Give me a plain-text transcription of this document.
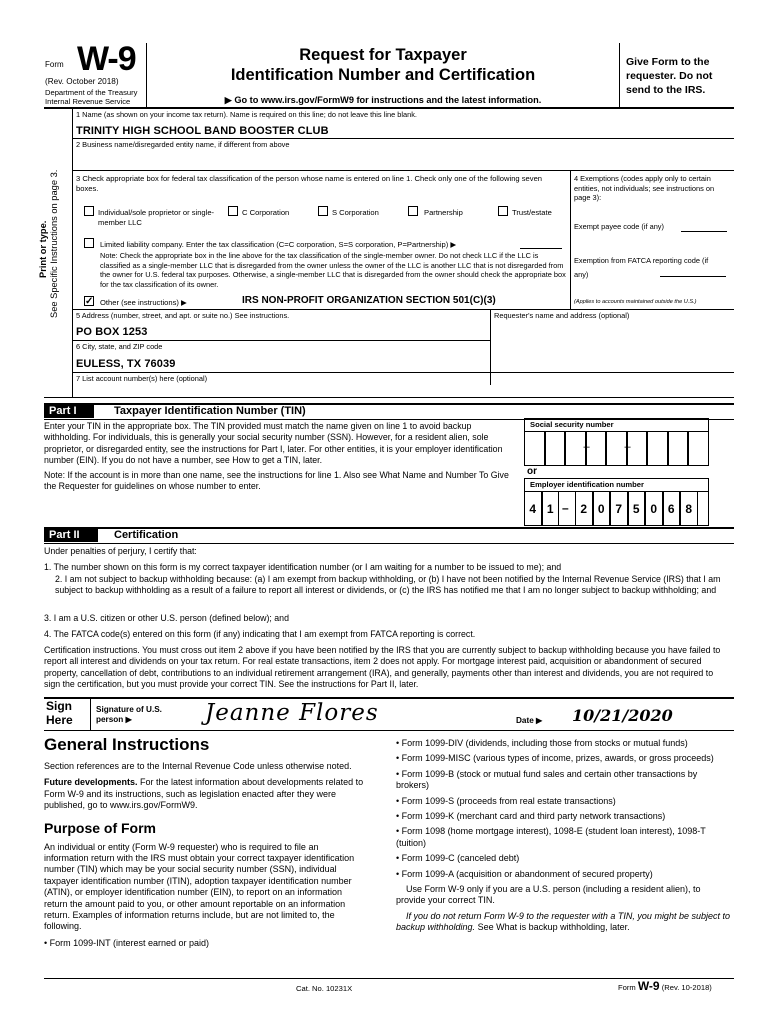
Form W-9
(Rev. October 2018)
Department of the Treasury
Internal Revenue Service
Request for Taxpayer
Identification Number and Certification
▶ Go to www.irs.gov/FormW9 for instructions and the latest information.
Give Form to the requester. Do not send to the IRS.
Print or type. See Specific Instructions on page 3.
1 Name (as shown on your income tax return). Name is required on this line; do not leave this line blank.
TRINITY HIGH SCHOOL BAND BOOSTER CLUB
2 Business name/disregarded entity name, if different from above
3 Check appropriate box for federal tax classification of the person whose name is entered on line 1. Check only one of the following seven boxes.
Individual/sole proprietor or single-member LLC
C Corporation	S Corporation	Partnership	Trust/estate
Limited liability company. Enter the tax classification (C=C corporation, S=S corporation, P=Partnership) ▶
Note: Check the appropriate box in the line above for the tax classification of the single-member owner. Do not check LLC if the LLC is classified as a single-member LLC that is disregarded from the owner unless the owner of the LLC is another LLC that is not disregarded from the owner for U.S. federal tax purposes. Otherwise, a single-member LLC that is disregarded from the owner should check the appropriate box for the tax classification of its owner.
✓ Other (see instructions) ▶	IRS NON-PROFIT ORGANIZATION SECTION 501(C)(3)
4 Exemptions (codes apply only to certain entities, not individuals; see instructions on page 3):
Exempt payee code (if any)
Exemption from FATCA reporting code (if any)
(Applies to accounts maintained outside the U.S.)
5 Address (number, street, and apt. or suite no.) See instructions.	Requester's name and address (optional)
PO BOX 1253
6 City, state, and ZIP code
EULESS, TX 76039
7 List account number(s) here (optional)
Part I	Taxpayer Identification Number (TIN)
Enter your TIN in the appropriate box. The TIN provided must match the name given on line 1 to avoid backup withholding. For individuals, this is generally your social security number (SSN). However, for a resident alien, sole proprietor, or disregarded entity, see the instructions for Part I, later. For other entities, it is your employer identification number (EIN). If you do not have a number, see How to get a TIN, later.
Note: If the account is in more than one name, see the instructions for line 1. Also see What Name and Number To Give the Requester for guidelines on whose number to enter.
Social security number
or
Employer identification number
–	–
4 1 – 2 0 7 5 0 6 8
Part II	Certification
Under penalties of perjury, I certify that:
1. The number shown on this form is my correct taxpayer identification number (or I am waiting for a number to be issued to me); and
2. I am not subject to backup withholding because: (a) I am exempt from backup withholding, or (b) I have not been notified by the Internal Revenue Service (IRS) that I am subject to backup withholding as a result of a failure to report all interest or dividends, or (c) the IRS has notified me that I am no longer subject to backup withholding; and
3. I am a U.S. citizen or other U.S. person (defined below); and
4. The FATCA code(s) entered on this form (if any) indicating that I am exempt from FATCA reporting is correct.
Certification instructions. You must cross out item 2 above if you have been notified by the IRS that you are currently subject to backup withholding because you have failed to report all interest and dividends on your tax return. For real estate transactions, item 2 does not apply. For mortgage interest paid, acquisition or abandonment of secured property, cancellation of debt, contributions to an individual retirement arrangement (IRA), and generally, payments other than interest and dividends, you are not required to sign the certification, but you must provide your correct TIN. See the instructions for Part II, later.
Sign Here
Signature of U.S. person ▶	Jeanne Flores	Date ▶ 10/21/2020
General Instructions

Section references are to the Internal Revenue Code unless otherwise noted.

Future developments. For the latest information about developments related to Form W-9 and its instructions, such as legislation enacted after they were published, go to www.irs.gov/FormW9.

Purpose of Form

An individual or entity (Form W-9 requester) who is required to file an information return with the IRS must obtain your correct taxpayer identification number (TIN) which may be your social security number (SSN), individual taxpayer identification number (ITIN), adoption taxpayer identification number (ATIN), or employer identification number (EIN), to report on an information return the amount paid to you, or other amount reportable on an information return. Examples of information returns include, but are not limited to, the following.

• Form 1099-INT (interest earned or paid)

• Form 1099-DIV (dividends, including those from stocks or mutual funds)

• Form 1099-MISC (various types of income, prizes, awards, or gross proceeds)

• Form 1099-B (stock or mutual fund sales and certain other transactions by brokers)

• Form 1099-S (proceeds from real estate transactions)

• Form 1099-K (merchant card and third party network transactions)

• Form 1098 (home mortgage interest), 1098-E (student loan interest), 1098-T (tuition)

• Form 1099-C (canceled debt)

• Form 1099-A (acquisition or abandonment of secured property)

Use Form W-9 only if you are a U.S. person (including a resident alien), to provide your correct TIN.

If you do not return Form W-9 to the requester with a TIN, you might be subject to backup withholding. See What is backup withholding, later.

Cat. No. 10231X	Form W-9 (Rev. 10-2018)
